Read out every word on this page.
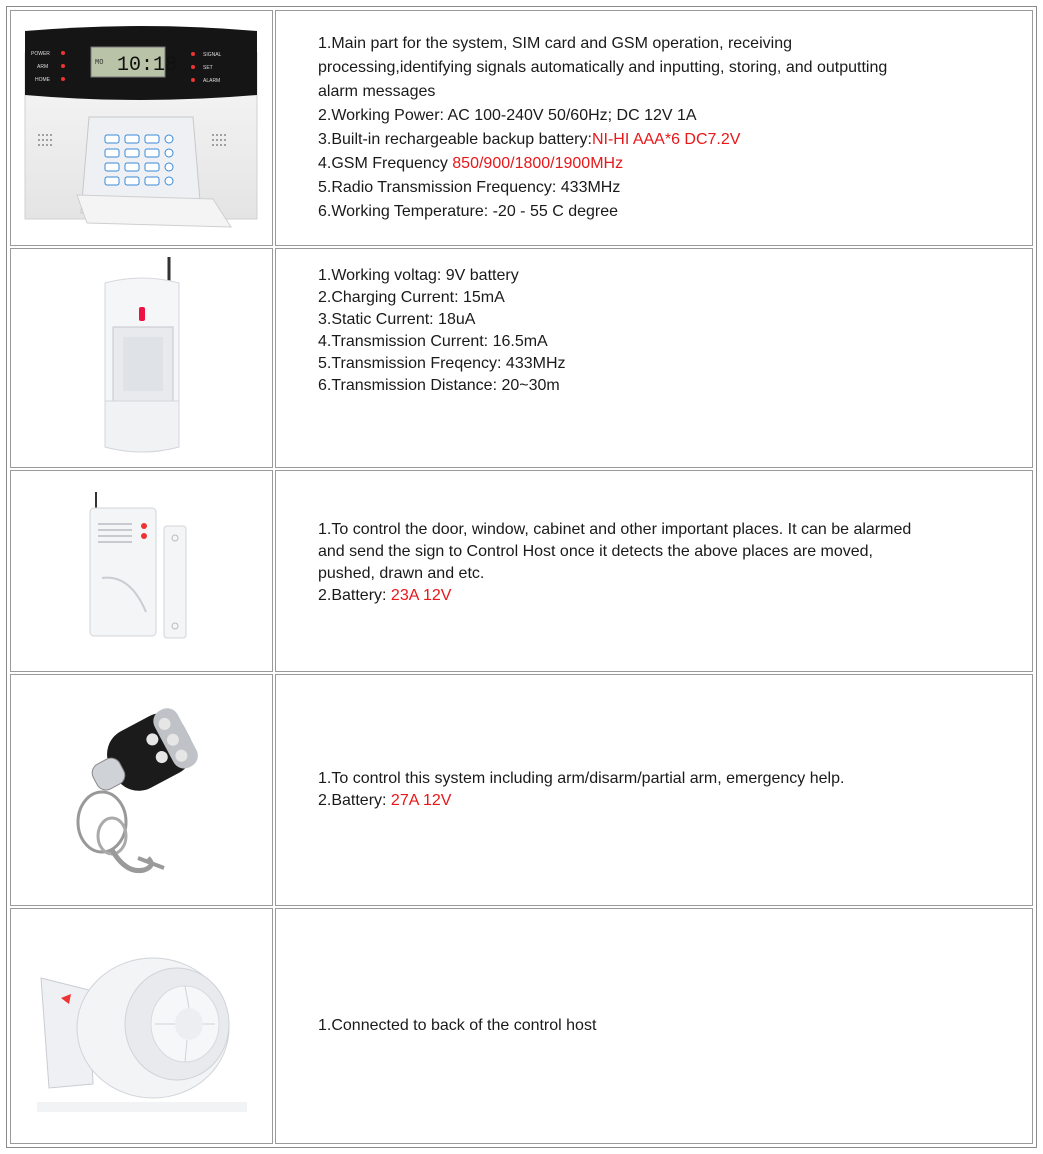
10:18
MO
POWER
ARM
HOME
SIGNAL
SET
ALARM
1.Main part for the system, SIM card and GSM operation, receiving
processing,identifying signals automatically and inputting, storing, and outputting
alarm messages
2.Working Power: AC 100-240V 50/60Hz; DC 12V 1A
3.Built-in rechargeable backup battery:NI-HI AAA*6 DC7.2V
4.GSM Frequency 850/900/1800/1900MHz
5.Radio Transmission Frequency: 433MHz
6.Working Temperature: -20 - 55 C degree
1.Working voltag: 9V battery
2.Charging Current: 15mA
3.Static Current: 18uA
4.Transmission Current: 16.5mA
5.Transmission Freqency: 433MHz
6.Transmission Distance: 20~30m
1.To control the door, window, cabinet and other important places. It can be alarmed
and send the sign to Control Host once it detects the above places are moved,
pushed, drawn and etc.
2.Battery: 23A 12V
1.To control this system including arm/disarm/partial arm, emergency help.
2.Battery: 27A 12V
1.Connected to back of the control host
